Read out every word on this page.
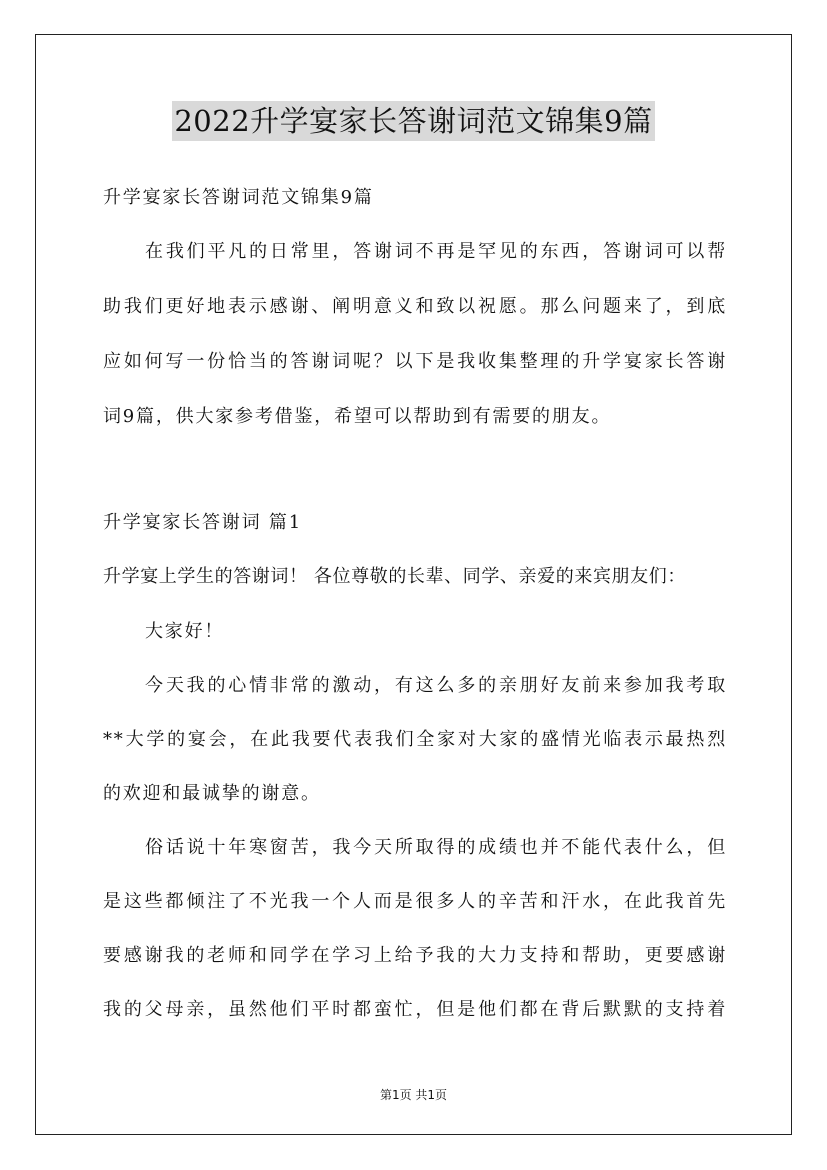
2022升学宴家长答谢词范文锦集9篇
升学宴家长答谢词范文锦集9篇
在我们平凡的日常里，答谢词不再是罕见的东西，答谢词可以帮
助我们更好地表示感谢、阐明意义和致以祝愿。那么问题来了，到底
应如何写一份恰当的答谢词呢？以下是我收集整理的升学宴家长答谢
词9篇，供大家参考借鉴，希望可以帮助到有需要的朋友。
升学宴家长答谢词 篇1
升学宴上学生的答谢词！ 各位尊敬的长辈、同学、亲爱的来宾朋友们：
大家好！
今天我的心情非常的激动，有这么多的亲朋好友前来参加我考取
**大学的宴会，在此我要代表我们全家对大家的盛情光临表示最热烈
的欢迎和最诚挚的谢意。
俗话说十年寒窗苦，我今天所取得的成绩也并不能代表什么，但
是这些都倾注了不光我一个人而是很多人的辛苦和汗水，在此我首先
要感谢我的老师和同学在学习上给予我的大力支持和帮助，更要感谢
我的父母亲，虽然他们平时都蛮忙，但是他们都在背后默默的支持着
第1页 共1页
